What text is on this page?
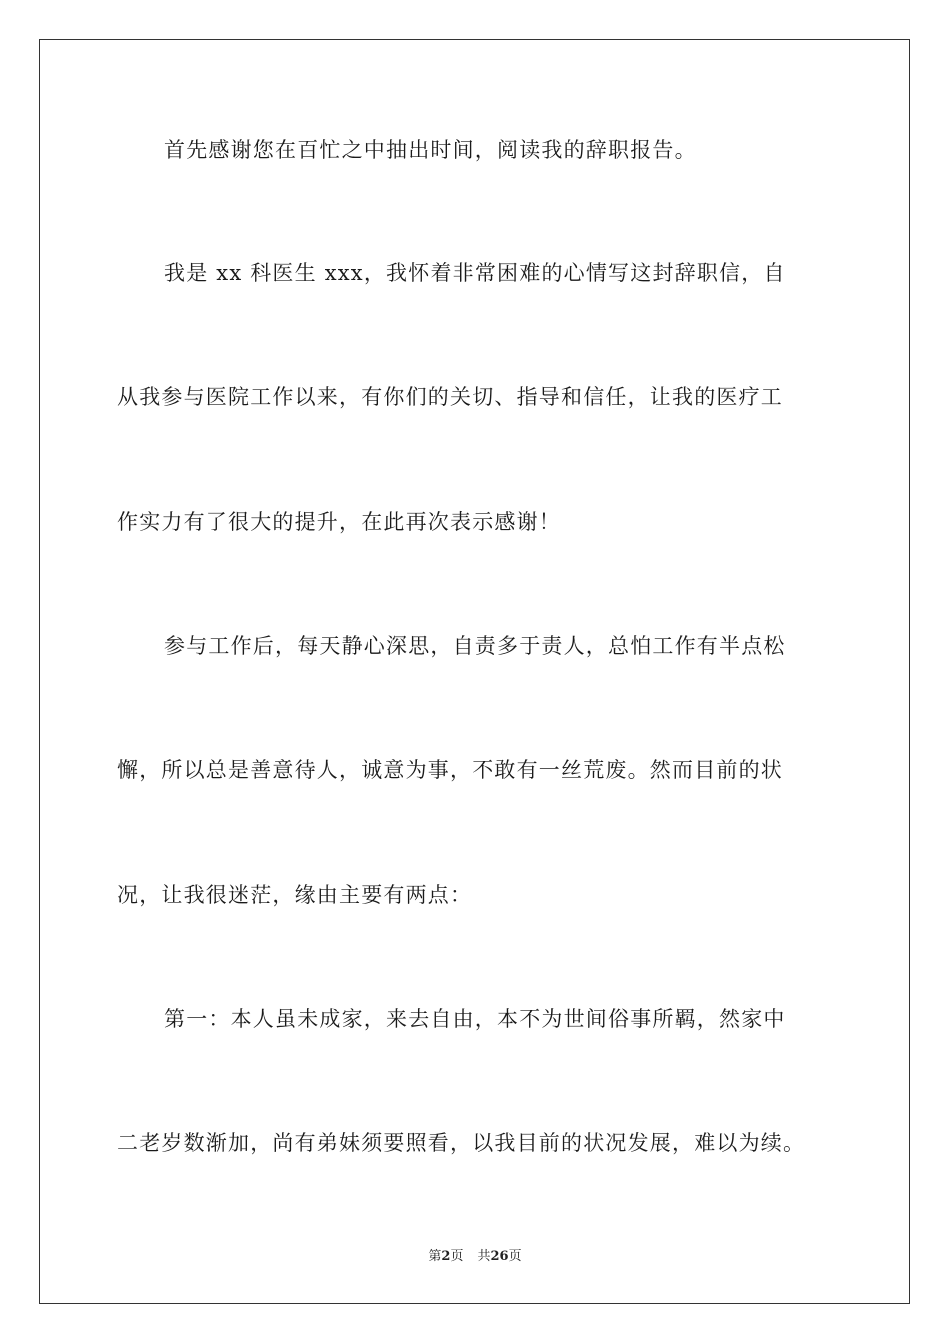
首先感谢您在百忙之中抽出时间，阅读我的辞职报告。
我是 xx 科医生 xxx，我怀着非常困难的心情写这封辞职信，自
从我参与医院工作以来，有你们的关切、指导和信任，让我的医疗工
作实力有了很大的提升，在此再次表示感谢！
参与工作后，每天静心深思，自责多于责人，总怕工作有半点松
懈，所以总是善意待人，诚意为事，不敢有一丝荒废。然而目前的状
况，让我很迷茫，缘由主要有两点：
第一：本人虽未成家，来去自由，本不为世间俗事所羁，然家中
二老岁数渐加，尚有弟妹须要照看，以我目前的状况发展，难以为续。
第2页 共26页
